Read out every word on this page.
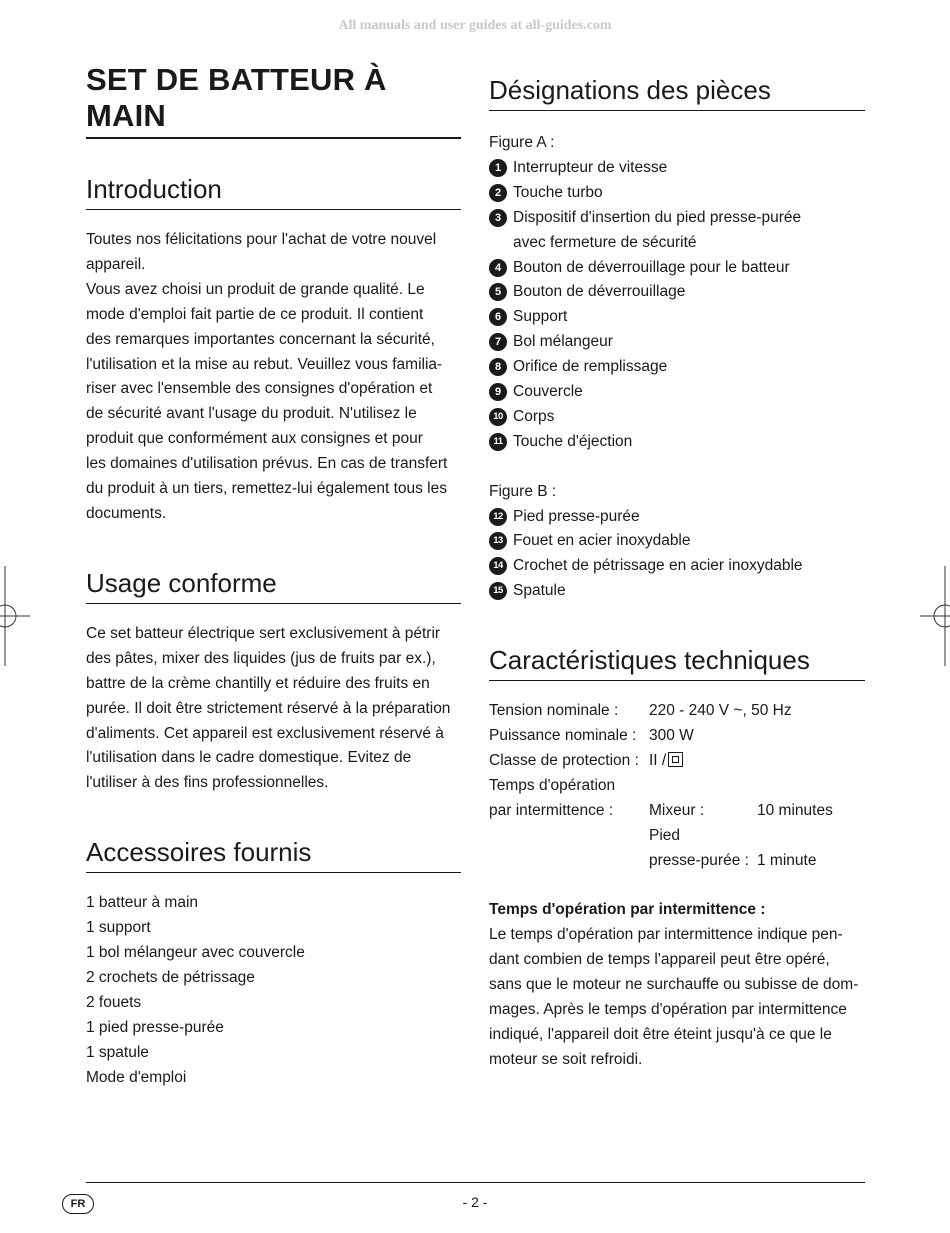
All manuals and user guides at all-guides.com
SET DE BATTEUR À MAIN
Introduction

Toutes nos félicitations pour l'achat de votre nouvel

appareil.

Vous avez choisi un produit de grande qualité. Le

mode d'emploi fait partie de ce produit. Il contient

des remarques importantes concernant la sécurité,

l'utilisation et la mise au rebut. Veuillez vous familia-

riser avec l'ensemble des consignes d'opération et

de sécurité avant l'usage du produit. N'utilisez le

produit que conformément aux consignes et pour

les domaines d'utilisation prévus. En cas de transfert

du produit à un tiers, remettez-lui également tous les

documents.

Usage conforme

Ce set batteur électrique sert exclusivement à pétrir

des pâtes, mixer des liquides (jus de fruits par ex.),

battre de la crème chantilly et réduire des fruits en

purée. Il doit être strictement réservé à la préparation

d'aliments. Cet appareil est exclusivement réservé à

l'utilisation dans le cadre domestique. Evitez de

l'utiliser à des fins professionnelles.

Accessoires fournis
1 batteur à main
1 support
1 bol mélangeur avec couvercle
2 crochets de pétrissage
2 fouets
1 pied presse-purée
1 spatule
Mode d'emploi
Désignations des pièces

Figure A :

1 Interrupteur de vitesse
2 Touche turbo
3 Dispositif d'insertion du pied presse-purée
avec fermeture de sécurité
4 Bouton de déverrouillage pour le batteur
5 Bouton de déverrouillage
6 Support
7 Bol mélangeur
8 Orifice de remplissage
9 Couvercle
10 Corps
11 Touche d'éjection

Figure B :

12 Pied presse-purée
13 Fouet en acier inoxydable
14 Crochet de pétrissage en acier inoxydable
15 Spatule
Caractéristiques techniques
Tension nominale :	220 - 240 V ~, 50 Hz
Puissance nominale : 300 W
Classe de protection : II /
Temps d'opération
par intermittence :	Mixeur :	10 minutes
Pied
presse-purée : 1 minute

Temps d'opération par intermittence :

Le temps d'opération par intermittence indique pen-

dant combien de temps l'appareil peut être opéré,

sans que le moteur ne surchauffe ou subisse de dom-

mages. Après le temps d'opération par intermittence

indiqué, l'appareil doit être éteint jusqu'à ce que le

moteur se soit refroidi.

FR	- 2 -
